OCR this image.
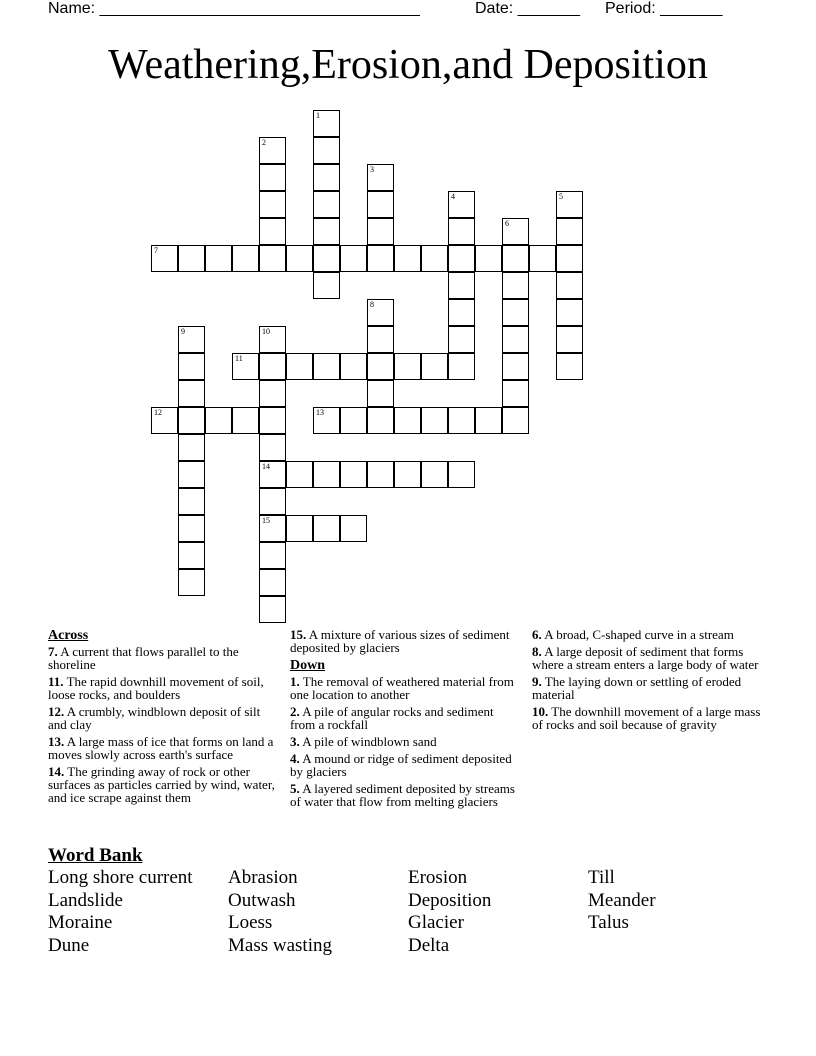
Name: ____________________________________	Date: _______ Period: _______
Weathering,Erosion,and Deposition
1
2
3
4	5
6
7
8
9	10
14
15
11
12	13
Across
7. A current that flows parallel to the shoreline
11. The rapid downhill movement of soil, loose rocks, and boulders
12. A crumbly, windblown deposit of silt and clay
13. A large mass of ice that forms on land a moves slowly across earth's surface
14. The grinding away of rock or other surfaces as particles carried by wind, water, and ice scrape against them
15. A mixture of various sizes of sediment deposited by glaciers
Down
1. The removal of weathered material from one location to another
2. A pile of angular rocks and sediment from a rockfall
3. A pile of windblown sand
4. A mound or ridge of sediment deposited by glaciers
5. A layered sediment deposited by streams of water that flow from melting glaciers
6. A broad, C-shaped curve in a stream
8. A large deposit of sediment that forms where a stream enters a large body of water
9. The laying down or settling of eroded material
10. The downhill movement of a large mass of rocks and soil because of gravity
Word Bank
Long shore current
Landslide
Moraine
Dune
Abrasion
Outwash
Loess
Mass wasting
Erosion
Deposition
Glacier
Delta
Till
Meander
Talus
